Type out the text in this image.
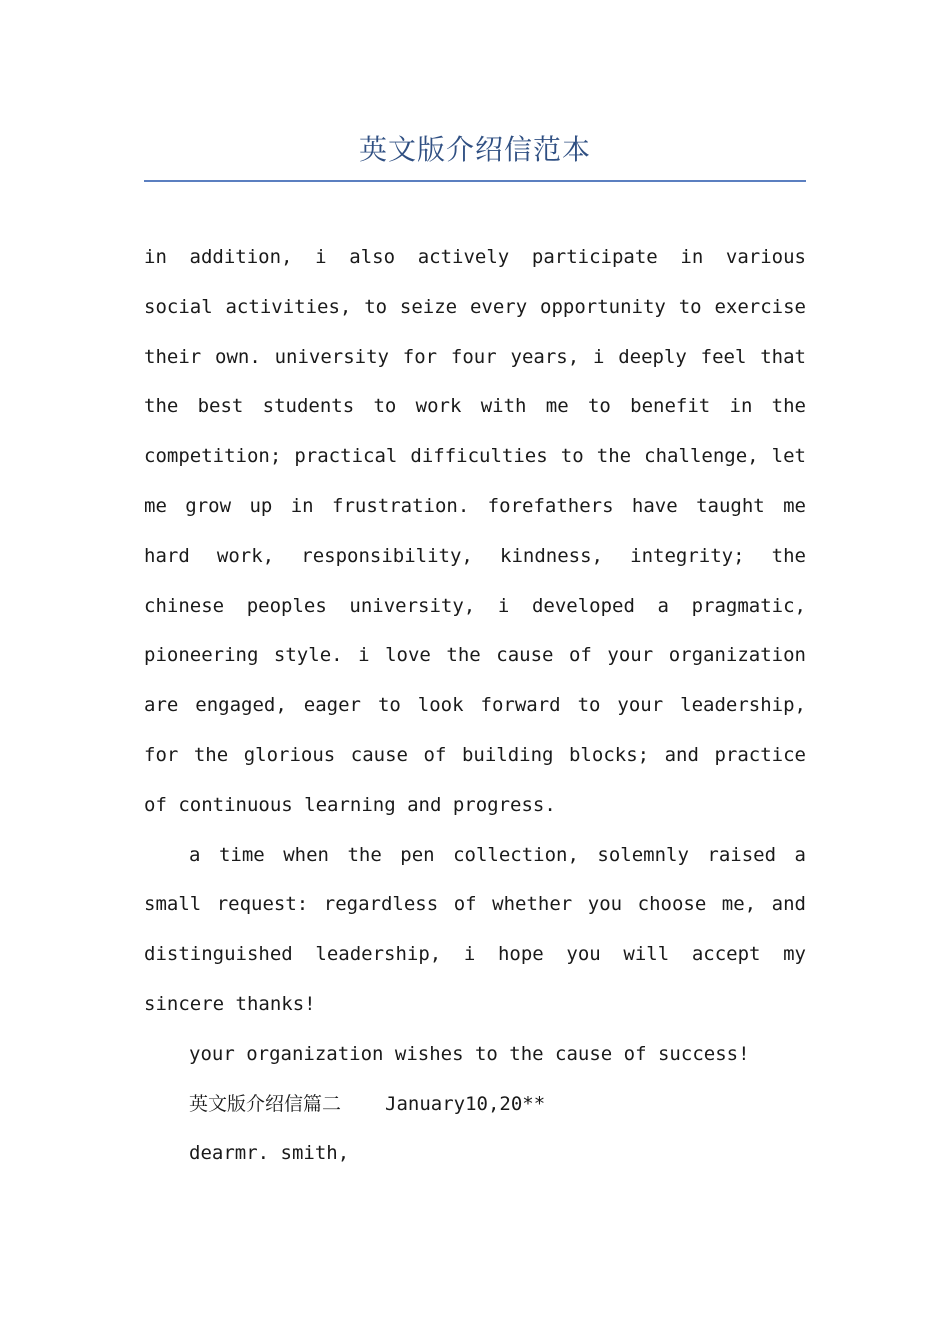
英文版介绍信范本

in addition, i also actively participate in various social activities, to seize every opportunity to exercise their own. university for four years, i deeply feel that the best students to work with me to benefit in the competition; practical difficulties to the challenge, let me grow up in frustration. forefathers have taught me hard work, responsibility, kindness, integrity; the chinese peoples university, i developed a pragmatic, pioneering style. i love the cause of your organization are engaged, eager to look forward to your leadership, for the glorious cause of building blocks; and practice of continuous learning and progress.

a time when the pen collection, solemnly raised a small request: regardless of whether you choose me, and distinguished leadership, i hope you will accept my sincere thanks!

your organization wishes to the cause of success!

英文版介绍信篇二 January10,20**

dearmr. smith,
